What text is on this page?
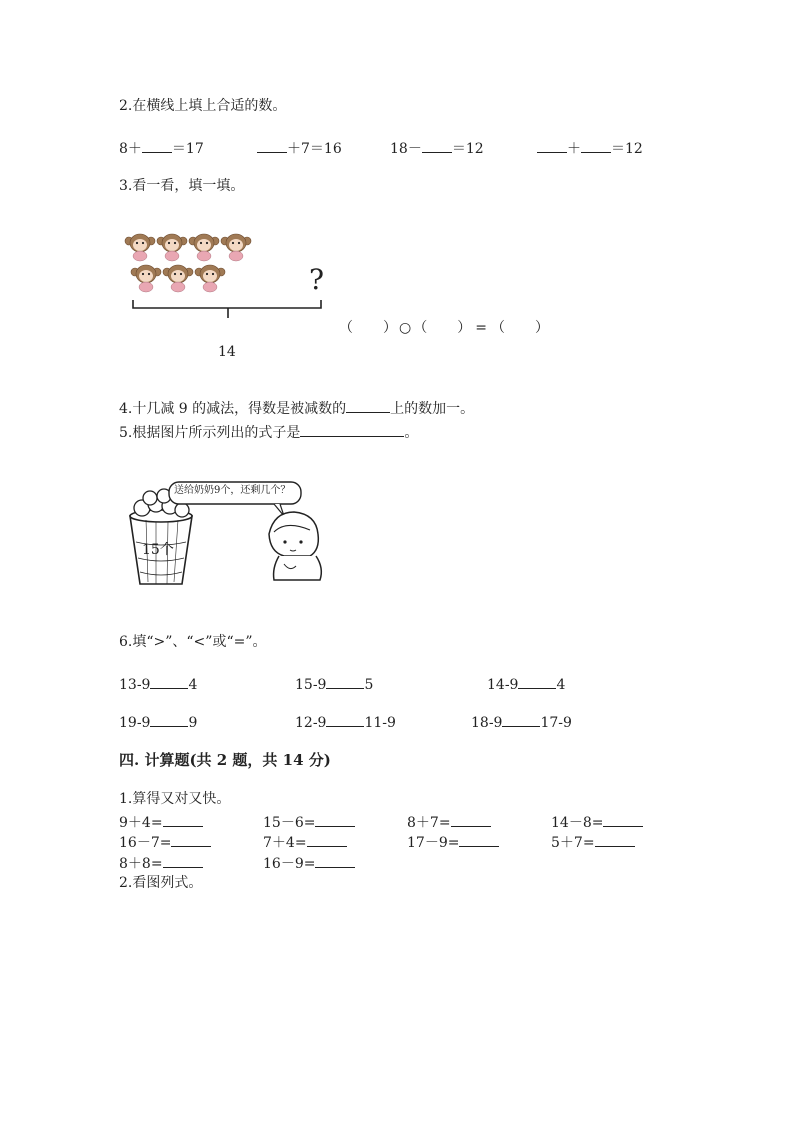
2.在横线上填上合适的数。
8＋ ＝17	＋7＝16	18－ ＝12	＋ ＝12
3.看一看，填一填。
?
14
（ ） ○ （ ） = （ ）
4.十几减 9 的减法，得数是被减数的	上的数加一。
5.根据图片所示列出的式子是	。
送给奶奶9个，还剩几个？
15个
6.填“>”、“<”或“=”。
13-9	4	15-9	5	14-9	4
19-9	9	12-9	11-9	18-9	17-9
四. 计算题(共 2 题，共 14 分)
1.算得又对又快。
9＋4=	15－6=	8＋7=	14－8=
16－7=	7＋4=	17－9=	5＋7=
8＋8=	16－9=
2.看图列式。
